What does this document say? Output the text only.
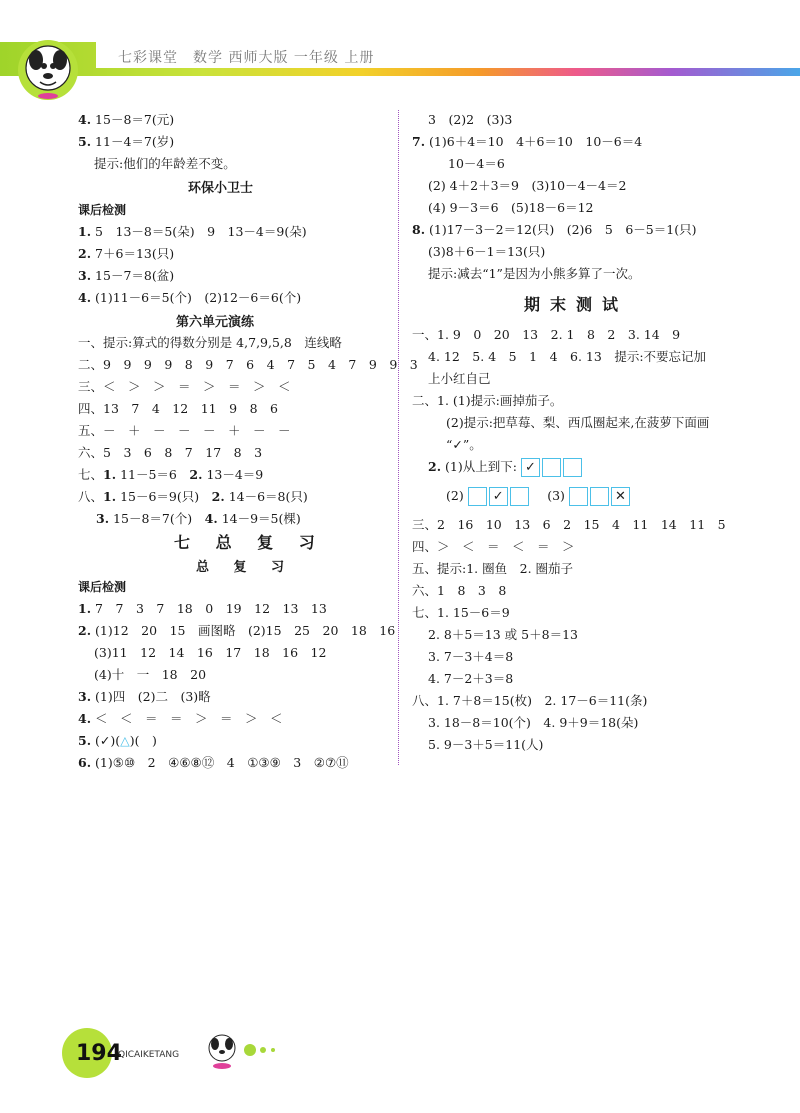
七彩课堂　数学 西师大版 一年级 上册
4. 15－8＝7(元)
5. 11－4＝7(岁)
提示:他们的年龄差不变。
环保小卫士
课后检测
1. 5　13－8＝5(朵)　9　13－4＝9(朵)
2. 7＋6＝13(只)
3. 15－7＝8(盆)
4. (1)11－6＝5(个)　(2)12－6＝6(个)
第六单元演练
一、提示:算式的得数分别是 4,7,9,5,8　连线略
二、9　9　9　9　8　9　7　6　4　7　5　4　7　9　9　3
三、＜　＞　＞　＝　＞　＝　＞　＜
四、13　7　4　12　11　9　8　6
五、－　＋　－　－　－　＋　－　－
六、5　3　6　8　7　17　8　3
七、1. 11－5＝6　 2. 13－4＝9
八、1. 15－6＝9(只)　 2. 14－6＝8(只)
3. 15－8＝7(个)　 4. 14－9＝5(棵)
七 总 复 习
总 复 习
课后检测
1. 7　7　3　7　18　0　19　12　13　13
2. (1)12　20　15　画图略　(2)15　25　20　18　16
(3)11　12　14　16　17　18　16　12
(4)十　一　18　20
3. (1)四　(2)二　(3)略
4. ＜　＜　＝　＝　＞　＝　＞　＜
5. (✓)(△)(　)
6. (1)⑤⑩　2　④⑥⑧⑫　4　①③⑨　3　②⑦⑪
3　(2)2　(3)3
7. (1)6＋4＝10　4＋6＝10　10－6＝4
10－4＝6
(2) 4＋2＋3＝9　(3)10－4－4＝2
(4) 9－3＝6　(5)18－6＝12
8. (1)17－3－2＝12(只)　(2)6　5　6－5＝1(只)
(3)8＋6－1＝13(只)
提示:减去“1”是因为小熊多算了一次。
期末测试
一、1. 9　0　20　13　2. 1　8　2　3. 14　9
4. 12　5. 4　5　1　4　6. 13　提示:不要忘记加
上小红自己
二、1. (1)提示:画掉茄子。
(2)提示:把草莓、梨、西瓜圈起来,在菠萝下面画
“✓”。
2. (1)从上到下: ✓
(2) ✓ 　	(3)	✕
三、2　16　10　13　6　2　15　4　11　14　11　5
四、＞　＜　＝　＜　＝　＞
五、提示:1. 圈鱼　2. 圈茄子
六、1　8　3　8
七、1. 15－6＝9
2. 8＋5＝13 或 5＋8＝13
3. 7－3＋4＝8
4. 7－2＋3＝8
八、1. 7＋8＝15(枚)　2. 17－6＝11(条)
3. 18－8＝10(个)　4. 9＋9＝18(朵)
5. 9－3＋5＝11(人)
194
QICAIKETANG
